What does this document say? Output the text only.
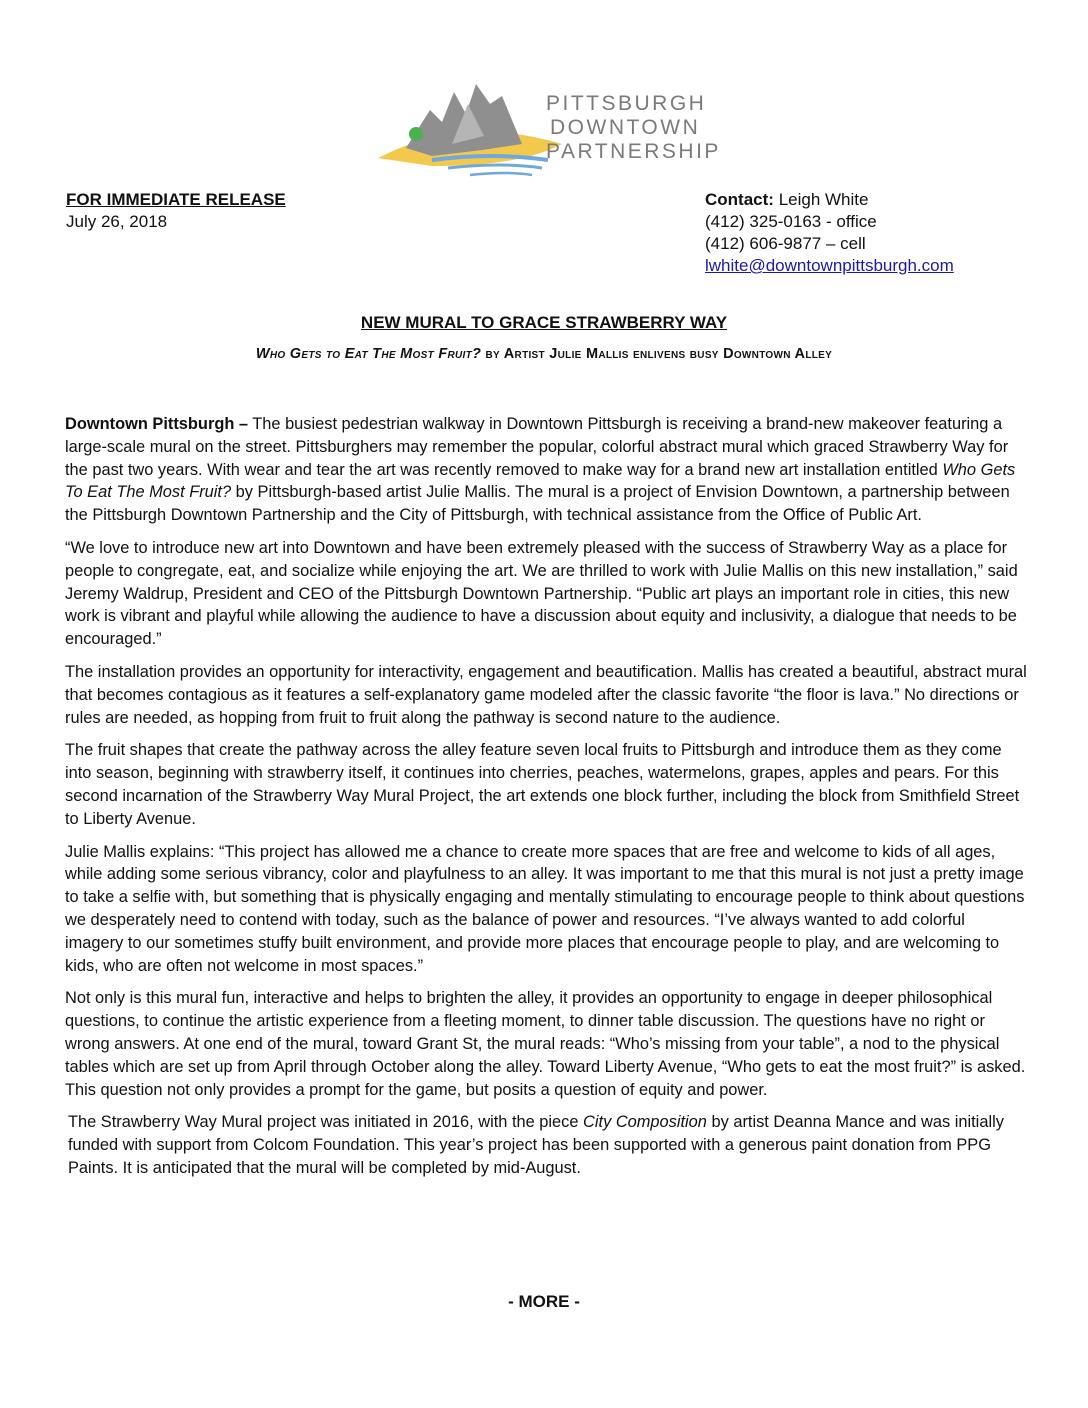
PITTSBURGH
DOWNTOWN
PARTNERSHIP
FOR IMMEDIATE RELEASE
July 26, 2018
Contact: Leigh White
(412) 325-0163 - office
(412) 606-9877 – cell
lwhite@downtownpittsburgh.com
NEW MURAL TO GRACE STRAWBERRY WAY
Who Gets to Eat The Most Fruit? by Artist Julie Mallis enlivens busy Downtown Alley

Downtown Pittsburgh – The busiest pedestrian walkway in Downtown Pittsburgh is receiving a brand-new makeover featuring a large-scale mural on the street. Pittsburghers may remember the popular, colorful abstract mural which graced Strawberry Way for the past two years. With wear and tear the art was recently removed to make way for a brand new art installation entitled Who Gets To Eat The Most Fruit? by Pittsburgh-based artist Julie Mallis. The mural is a project of Envision Downtown, a partnership between the Pittsburgh Downtown Partnership and the City of Pittsburgh, with technical assistance from the Office of Public Art.

“We love to introduce new art into Downtown and have been extremely pleased with the success of Strawberry Way as a place for people to congregate, eat, and socialize while enjoying the art. We are thrilled to work with Julie Mallis on this new installation,” said Jeremy Waldrup, President and CEO of the Pittsburgh Downtown Partnership. “Public art plays an important role in cities, this new work is vibrant and playful while allowing the audience to have a discussion about equity and inclusivity, a dialogue that needs to be encouraged.”

The installation provides an opportunity for interactivity, engagement and beautification. Mallis has created a beautiful, abstract mural that becomes contagious as it features a self-explanatory game modeled after the classic favorite “the floor is lava.” No directions or rules are needed, as hopping from fruit to fruit along the pathway is second nature to the audience.

The fruit shapes that create the pathway across the alley feature seven local fruits to Pittsburgh and introduce them as they come into season, beginning with strawberry itself, it continues into cherries, peaches, watermelons, grapes, apples and pears. For this second incarnation of the Strawberry Way Mural Project, the art extends one block further, including the block from Smithfield Street to Liberty Avenue.

Julie Mallis explains: “This project has allowed me a chance to create more spaces that are free and welcome to kids of all ages, while adding some serious vibrancy, color and playfulness to an alley. It was important to me that this mural is not just a pretty image to take a selfie with, but something that is physically engaging and mentally stimulating to encourage people to think about questions we desperately need to contend with today, such as the balance of power and resources. “I’ve always wanted to add colorful imagery to our sometimes stuffy built environment, and provide more places that encourage people to play, and are welcoming to kids, who are often not welcome in most spaces.”

Not only is this mural fun, interactive and helps to brighten the alley, it provides an opportunity to engage in deeper philosophical questions, to continue the artistic experience from a fleeting moment, to dinner table discussion. The questions have no right or wrong answers. At one end of the mural, toward Grant St, the mural reads: “Who’s missing from your table”, a nod to the physical tables which are set up from April through October along the alley. Toward Liberty Avenue, “Who gets to eat the most fruit?” is asked. This question not only provides a prompt for the game, but posits a question of equity and power.

The Strawberry Way Mural project was initiated in 2016, with the piece City Composition by artist Deanna Mance and was initially funded with support from Colcom Foundation. This year’s project has been supported with a generous paint donation from PPG Paints. It is anticipated that the mural will be completed by mid-August.

- MORE -
